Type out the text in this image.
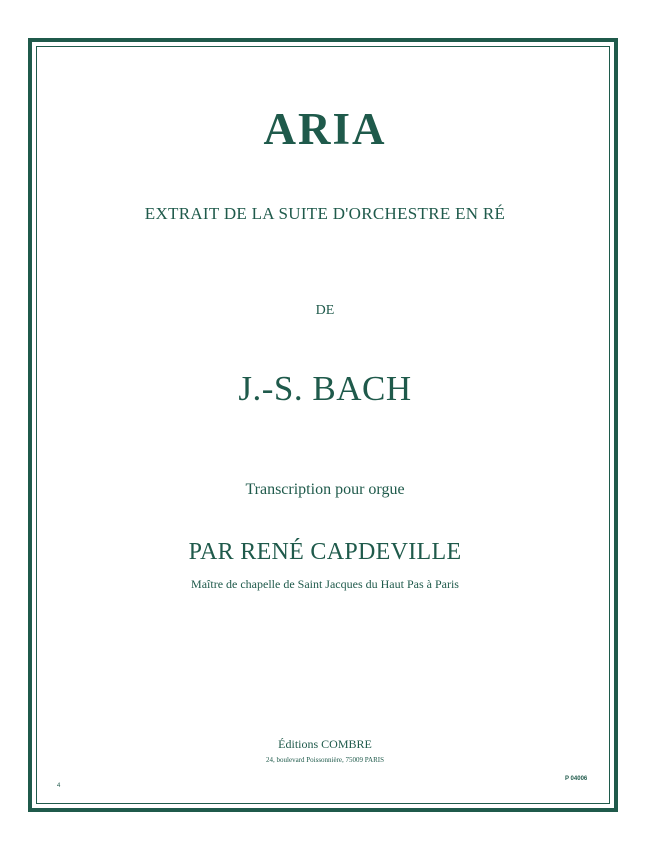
ARIA

EXTRAIT DE LA SUITE D'ORCHESTRE EN RÉ

DE

J.-S. BACH

Transcription pour orgue

PAR RENÉ CAPDEVILLE

Maître de chapelle de Saint Jacques du Haut Pas à Paris

Éditions COMBRE

24, boulevard Poissonnière, 75009 PARIS

P 04006
4
